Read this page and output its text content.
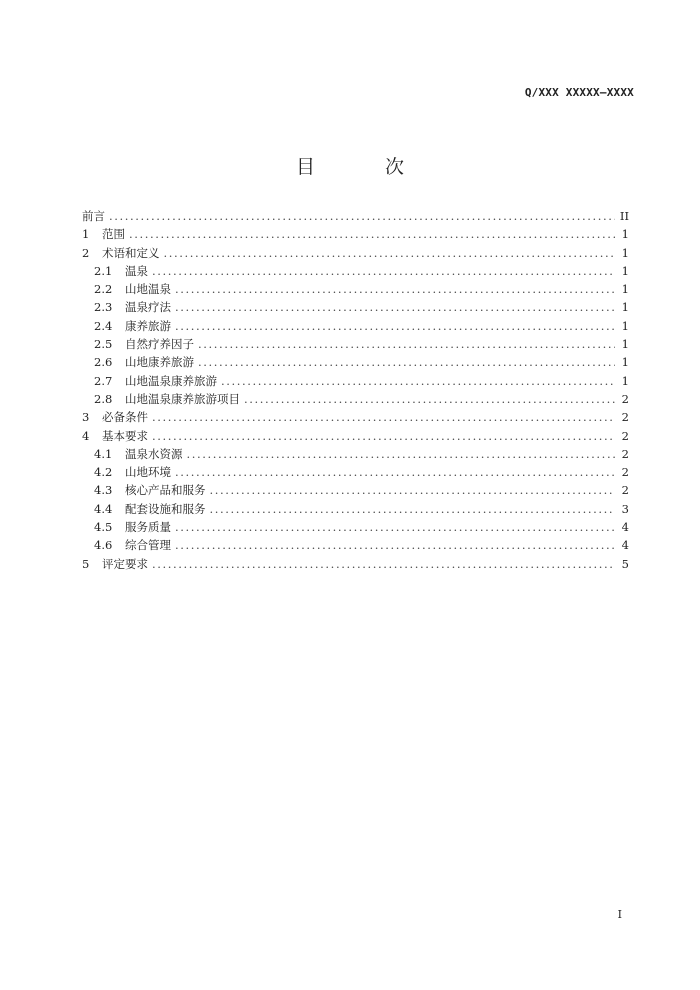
Q/XXX XXXXX—XXXX
目 次
前言 .....	II
1	范围 .....	1
2	术语和定义 .....	1
2.1	温泉 .....	1
2.2	山地温泉 .....	1
2.3	温泉疗法 .....	1
2.4	康养旅游 .....	1
2.5	自然疗养因子 .....	1
2.6	山地康养旅游 .....	1
2.7	山地温泉康养旅游 .....	1
2.8	山地温泉康养旅游项目 .....	2
3	必备条件 .....	2
4	基本要求 .....	2
4.1	温泉水资源 .....	2
4.2	山地环境 .....	2
4.3	核心产品和服务 .....	2
4.4	配套设施和服务 .....	3
4.5	服务质量 .....	4
4.6	综合管理 .....	4
5	评定要求 .....	5
I
